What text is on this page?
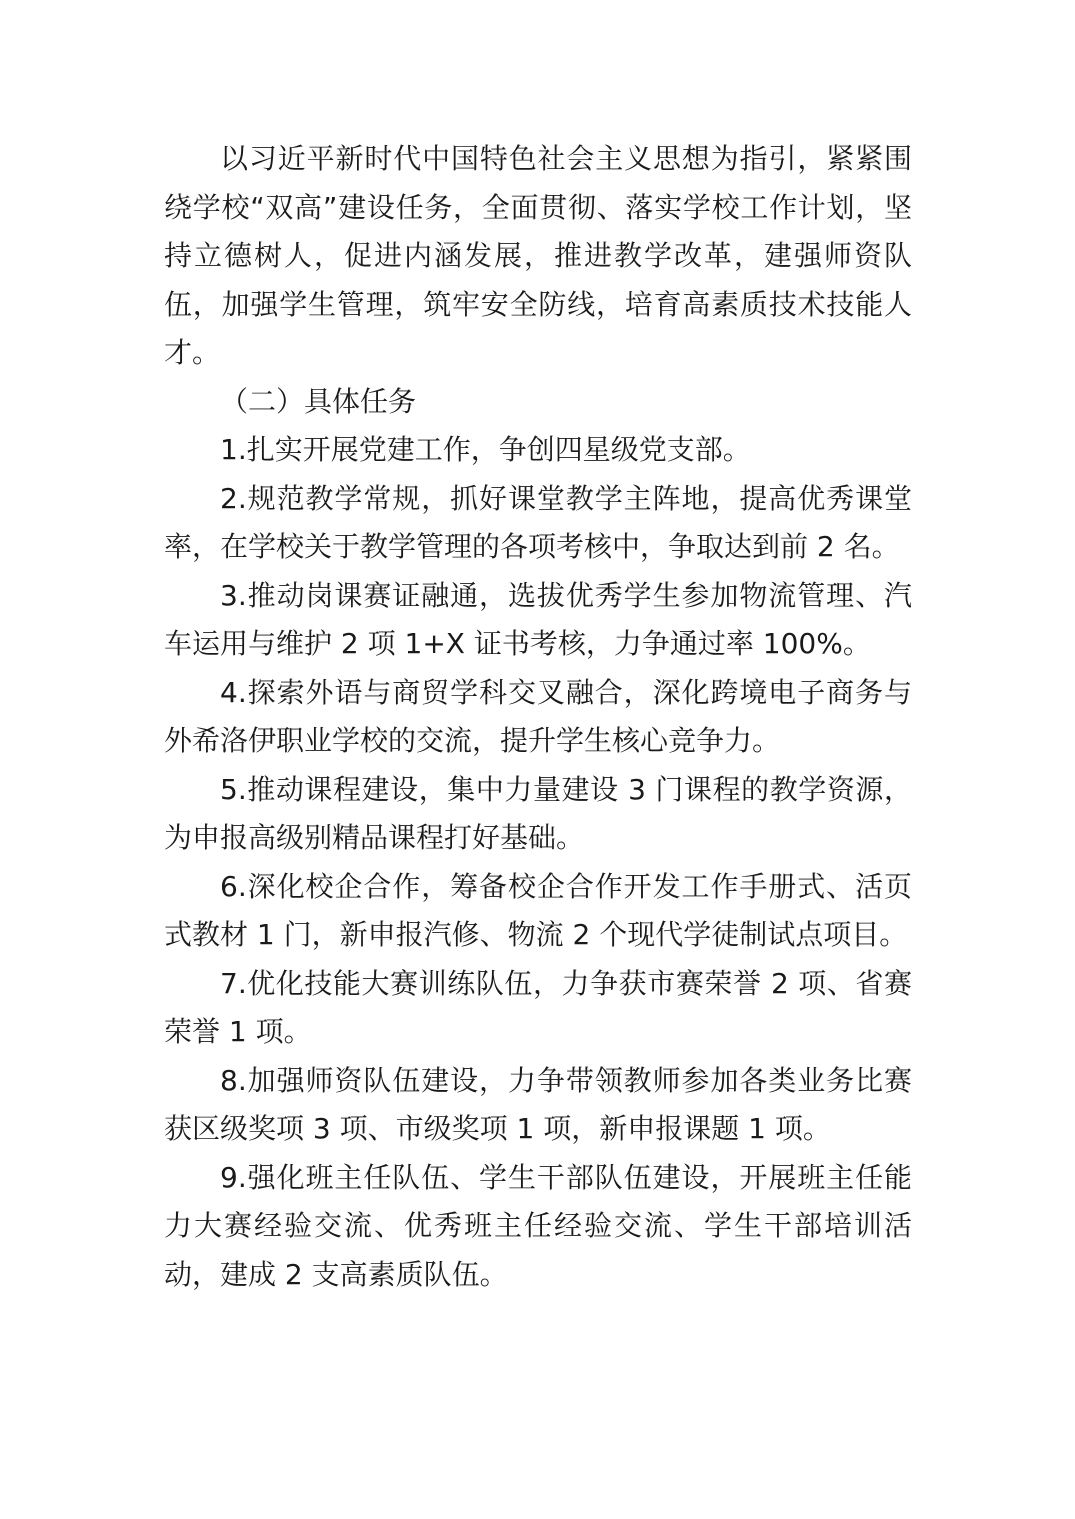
以习近平新时代中国特色社会主义思想为指引，紧紧围绕学校“双高”建设任务，全面贯彻、落实学校工作计划，坚持立德树人，促进内涵发展，推进教学改革，建强师资队伍，加强学生管理，筑牢安全防线，培育高素质技术技能人才。

（二）具体任务

1.扎实开展党建工作，争创四星级党支部。

2.规范教学常规，抓好课堂教学主阵地，提高优秀课堂率，在学校关于教学管理的各项考核中，争取达到前 2 名。

3.推动岗课赛证融通，选拔优秀学生参加物流管理、汽车运用与维护 2 项 1+X 证书考核，力争通过率 100%。

4.探索外语与商贸学科交叉融合，深化跨境电子商务与外希洛伊职业学校的交流，提升学生核心竞争力。

5.推动课程建设，集中力量建设 3 门课程的教学资源，为申报高级别精品课程打好基础。

6.深化校企合作，筹备校企合作开发工作手册式、活页式教材 1 门，新申报汽修、物流 2 个现代学徒制试点项目。

7.优化技能大赛训练队伍，力争获市赛荣誉 2 项、省赛荣誉 1 项。

8.加强师资队伍建设，力争带领教师参加各类业务比赛获区级奖项 3 项、市级奖项 1 项，新申报课题 1 项。

9.强化班主任队伍、学生干部队伍建设，开展班主任能力大赛经验交流、优秀班主任经验交流、学生干部培训活动，建成 2 支高素质队伍。
